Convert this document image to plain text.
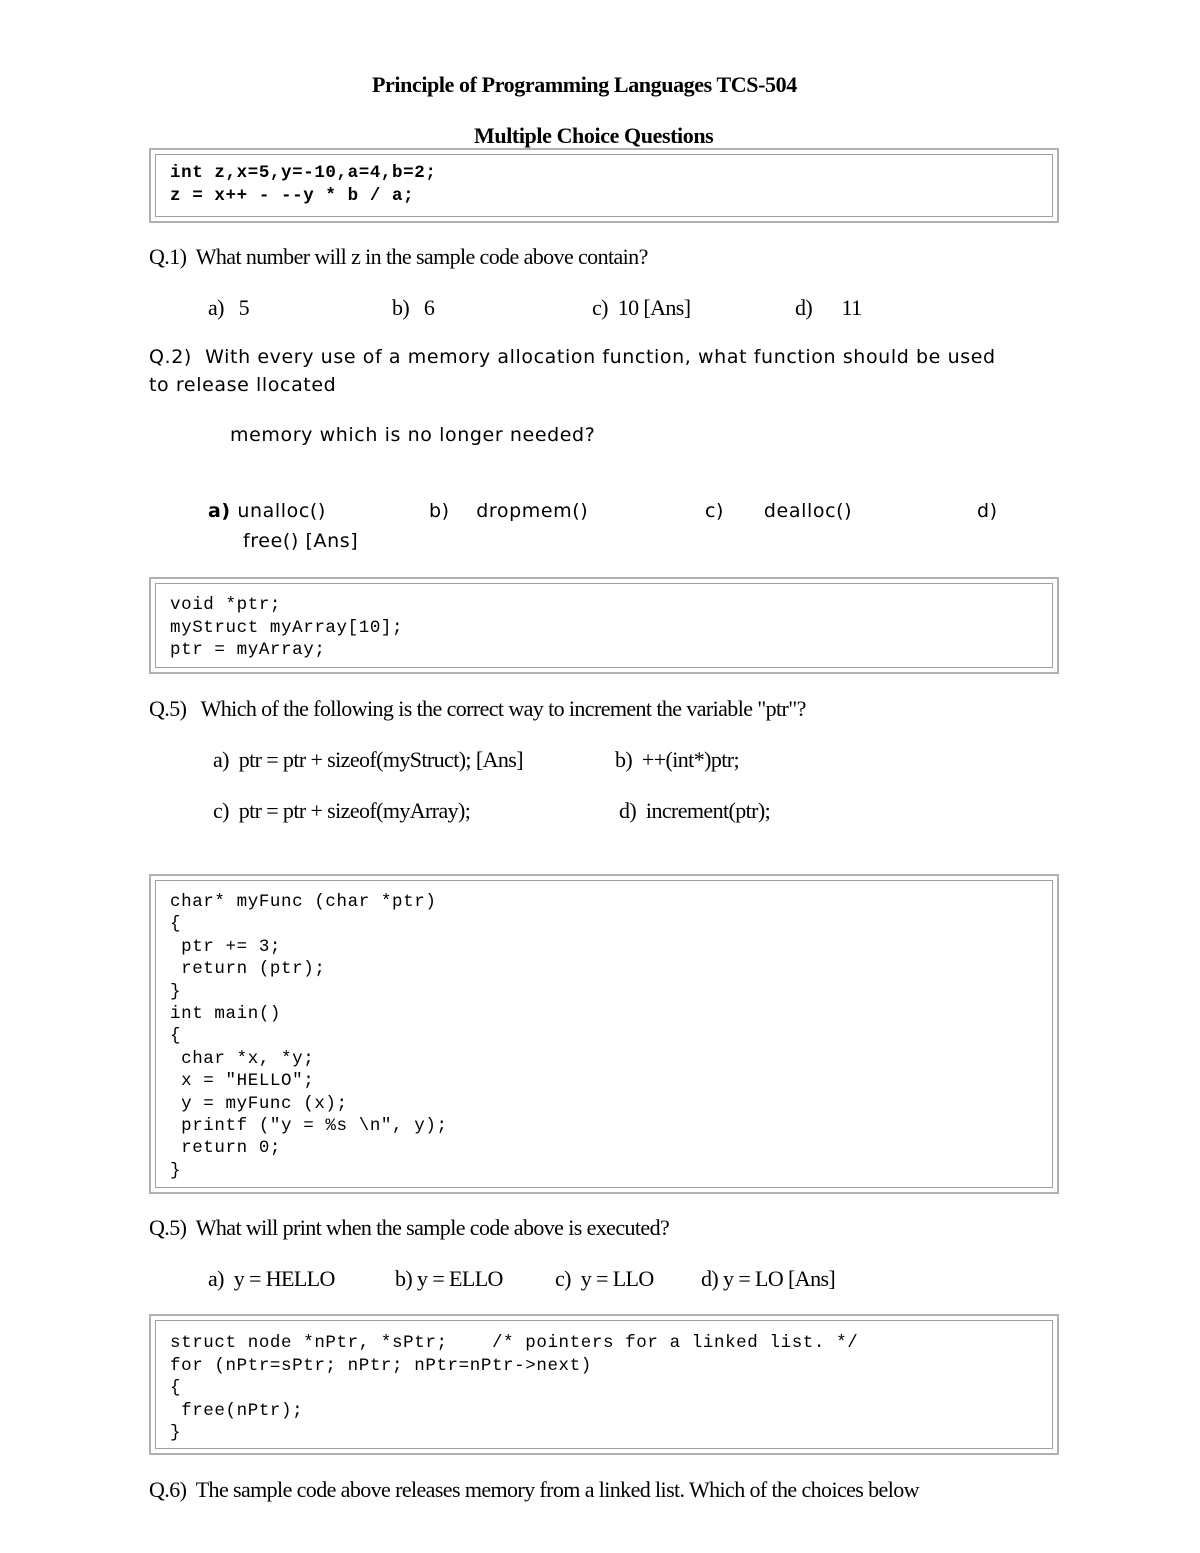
Principle of Programming Languages TCS-504
Multiple Choice Questions
int z,x=5,y=-10,a=4,b=2;
z = x++ - --y * b / a;
Q.1)  What number will z in the sample code above contain?
a)   5	b)   6	c)  10 [Ans]	d)      11
Q.2)  With every use of a memory allocation function, what function should be used
to release llocated
memory which is no longer needed?
a) unalloc()	b)    dropmem()	c)      dealloc()	d)
free() [Ans]
void *ptr;
myStruct myArray[10];
ptr = myArray;
Q.5)   Which of the following is the correct way to increment the variable "ptr"?
a)  ptr = ptr + sizeof(myStruct); [Ans]	b)  ++(int*)ptr;
c)  ptr = ptr + sizeof(myArray);	d)  increment(ptr);
char* myFunc (char *ptr)
{
ptr += 3;
return (ptr);
}
int main()
{
char *x, *y;
x = "HELLO";
y = myFunc (x);
printf ("y = %s \n", y);
return 0;
}
Q.5)  What will print when the sample code above is executed?
a)  y = HELLO	b) y = ELLO c)  y = LLO d) y = LO [Ans]
struct node *nPtr, *sPtr;    /* pointers for a linked list. */
for (nPtr=sPtr; nPtr; nPtr=nPtr->next)
{
free(nPtr);
}
Q.6)  The sample code above releases memory from a linked list. Which of the choices below
